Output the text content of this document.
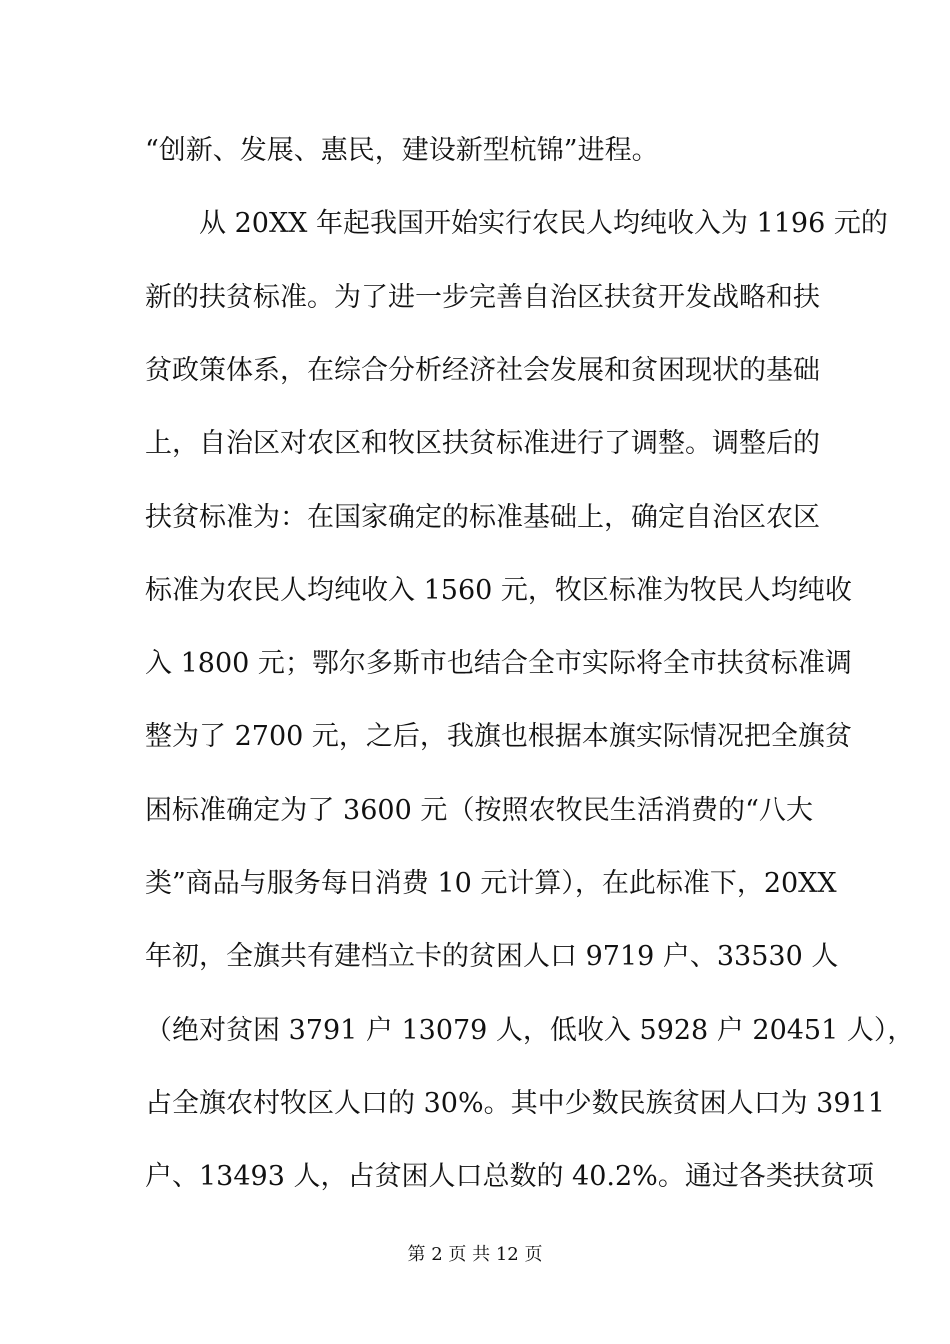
“创新、发展、惠民，建设新型杭锦”进程。
从 20XX 年起我国开始实行农民人均纯收入为 1196 元的
新的扶贫标准。为了进一步完善自治区扶贫开发战略和扶
贫政策体系，在综合分析经济社会发展和贫困现状的基础
上，自治区对农区和牧区扶贫标准进行了调整。调整后的
扶贫标准为：在国家确定的标准基础上，确定自治区农区
标准为农民人均纯收入 1560 元，牧区标准为牧民人均纯收
入 1800 元；鄂尔多斯市也结合全市实际将全市扶贫标准调
整为了 2700 元，之后，我旗也根据本旗实际情况把全旗贫
困标准确定为了 3600 元（按照农牧民生活消费的“八大
类”商品与服务每日消费 10 元计算），在此标准下，20XX
年初，全旗共有建档立卡的贫困人口 9719 户、33530 人
（绝对贫困 3791 户 13079 人，低收入 5928 户 20451 人），
占全旗农村牧区人口的 30%。其中少数民族贫困人口为 3911
户、13493 人，占贫困人口总数的 40.2%。通过各类扶贫项
第 2 页 共 12 页
